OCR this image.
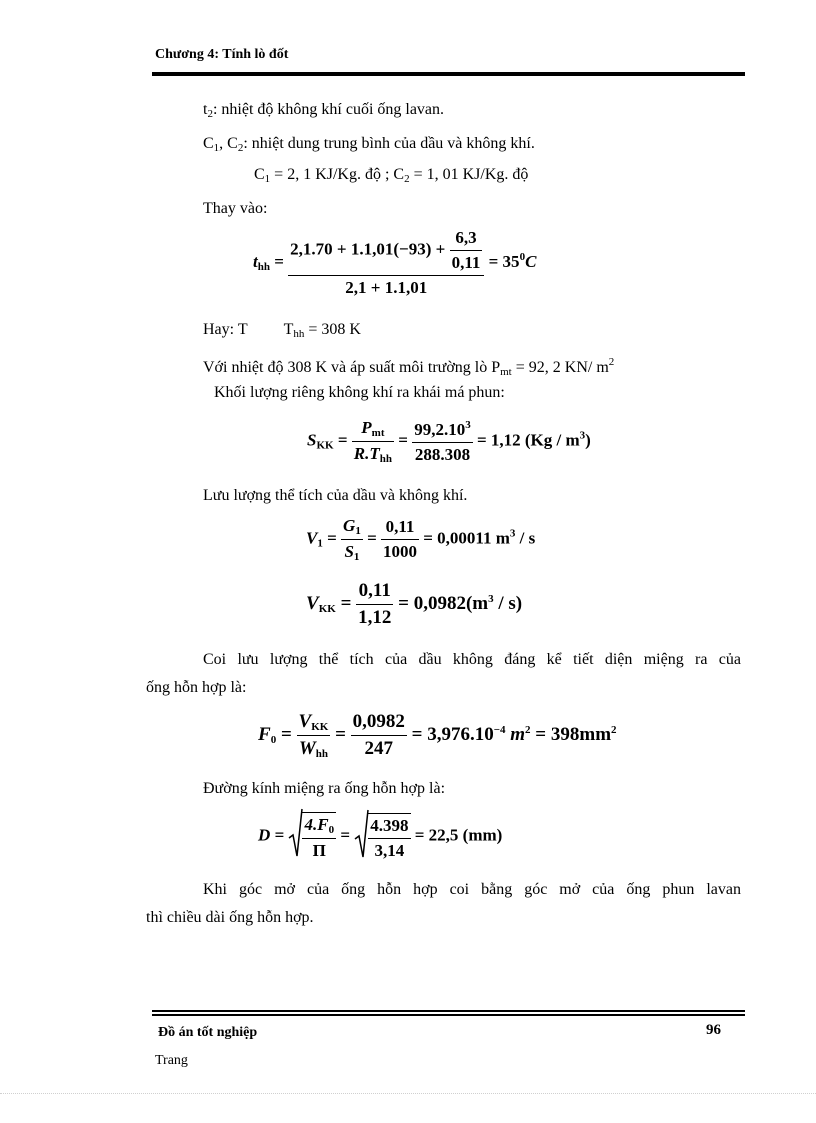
Chương 4: Tính lò đốt
$t_2$: nhiệt độ không khí cuối ống lavan.
$C_1$, $C_2$: nhiệt dung trung bình của dầu và không khí.
$C_1 = 2$, 1 KJ/Kg. độ ; $C_2 = 1$, 01 KJ/Kg. độ
Thay vào:
$t_{hh} = \frac{2,1.70 + 1.1,01(-93) + \frac{6,3}{0,11}}{2,1 + 1.1,01} = 35^0C$
Hay: T $T_{hh} = 308$ K
Với nhiệt độ 308 K và áp suất môi trường lò $P_{mt} = 92$, 2 KN/ $m^2$
Khối lượng riêng không khí ra khái má phun:
$S_{KK} = \frac{P_{mt}}{R.T_{hh}} = \frac{99,2.10^3}{288.308} = 1,12$ $(Kg / m^3)$
Lưu lượng thể tích của dầu và không khí.
$V_1 = \frac{G_1}{S_1} = \frac{0,11}{1000} = 0,00011$ $m^3$ / s
$V_{KK} = \frac{0,11}{1,12} = 0,0982(m^3 / s)$
Coi lưu lượng thể tích của dầu không đáng kể tiết diện miệng ra của
ống hỗn hợp là:
$F_0 = \frac{V_{KK}}{W_{hh}} = \frac{0,0982}{247} = 3,976.10^{-4}$ $m^2 = 398mm^2$
Đường kính miệng ra ống hỗn hợp là:
$D = \frac{4.F_0}{\Pi} = \frac{4.398}{3,14} = 22,5$ (mm)
Khi góc mở của ống hỗn hợp coi bằng góc mở của ống phun lavan
thì chiều dài ống hỗn hợp.
Đồ án tốt nghiệp	96
Trang
